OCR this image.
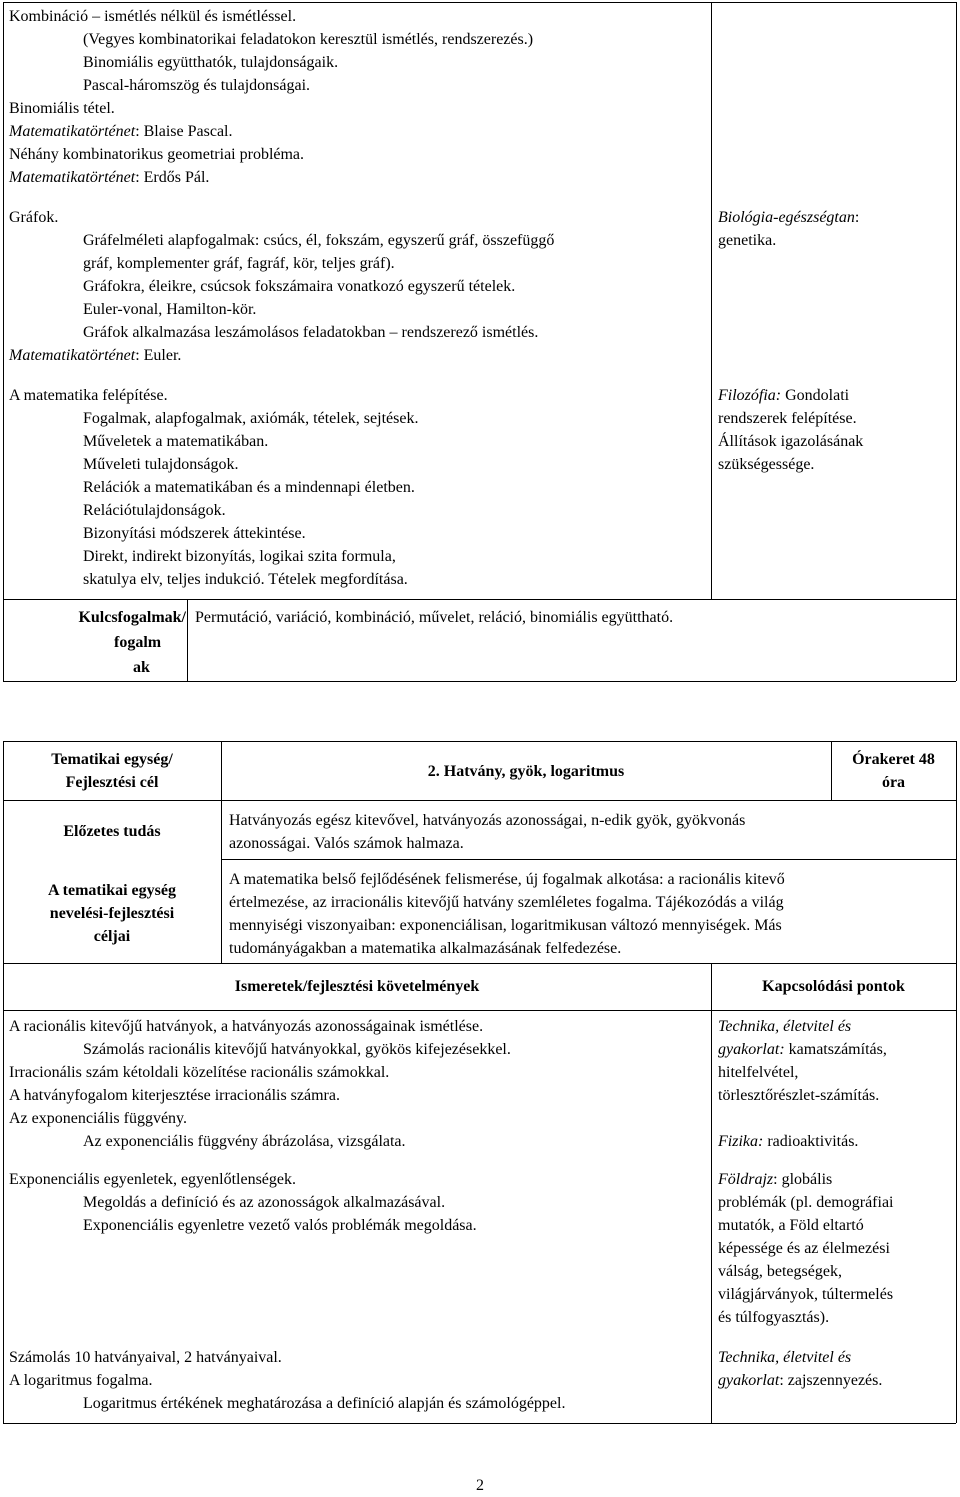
Kombináció – ismétlés nélkül és ismétléssel.
(Vegyes kombinatorikai feladatokon keresztül ismétlés, rendszerezés.)
Binomiális együtthatók, tulajdonságaik.
Pascal-háromszög és tulajdonságai.
Binomiális tétel.
Matematikatörténet: Blaise Pascal.
Néhány kombinatorikus geometriai probléma.
Matematikatörténet: Erdős Pál.
Gráfok.
Gráfelméleti alapfogalmak: csúcs, él, fokszám, egyszerű gráf, összefüggő
gráf, komplementer gráf, fagráf, kör, teljes gráf).
Gráfokra, éleikre, csúcsok fokszámaira vonatkozó egyszerű tételek.
Euler-vonal, Hamilton-kör.
Gráfok alkalmazása leszámolásos feladatokban – rendszerező ismétlés.
Matematikatörténet: Euler.
A matematika felépítése.
Fogalmak, alapfogalmak, axiómák, tételek, sejtések.
Műveletek a matematikában.
Műveleti tulajdonságok.
Relációk a matematikában és a mindennapi életben.
Relációtulajdonságok.
Bizonyítási módszerek áttekintése.
Direkt, indirekt bizonyítás, logikai szita formula,
skatulya elv, teljes indukció. Tételek megfordítása.
Biológia-egészségtan:
genetika.
Filozófia: Gondolati
rendszerek felépítése.
Állítások igazolásának
szükségessége.
Kulcsfogalmak/
fogalm
ak
Permutáció, variáció, kombináció, művelet, reláció, binomiális együttható.
Tematikai egység/
Fejlesztési cél
2. Hatvány, gyök, logaritmus
Órakeret 48
óra
Előzetes tudás
Hatványozás egész kitevővel, hatványozás azonosságai, n-edik gyök, gyökvonás
azonosságai. Valós számok halmaza.
A tematikai egység
nevelési-fejlesztési
céljai
A matematika belső fejlődésének felismerése, új fogalmak alkotása: a racionális kitevő
értelmezése, az irracionális kitevőjű hatvány szemléletes fogalma. Tájékozódás a világ
mennyiségi viszonyaiban: exponenciálisan, logaritmikusan változó mennyiségek. Más
tudományágakban a matematika alkalmazásának felfedezése.
Ismeretek/fejlesztési követelmények	Kapcsolódási pontok
A racionális kitevőjű hatványok, a hatványozás azonosságainak ismétlése.
Számolás racionális kitevőjű hatványokkal, gyökös kifejezésekkel.
Irracionális szám kétoldali közelítése racionális számokkal.
A hatványfogalom kiterjesztése irracionális számra.
Az exponenciális függvény.
Az exponenciális függvény ábrázolása, vizsgálata.
Exponenciális egyenletek, egyenlőtlenségek.
Megoldás a definíció és az azonosságok alkalmazásával.
Exponenciális egyenletre vezető valós problémák megoldása.
Számolás 10 hatványaival, 2 hatványaival.
A logaritmus fogalma.
Logaritmus értékének meghatározása a definíció alapján és számológéppel.
Technika, életvitel és
gyakorlat: kamatszámítás,
hitelfelvétel,
törlesztőrészlet-számítás.
Fizika: radioaktivitás.
Földrajz: globális
problémák (pl. demográfiai
mutatók, a Föld eltartó
képessége és az élelmezési
válság, betegségek,
világjárványok, túltermelés
és túlfogyasztás).
Technika, életvitel és
gyakorlat: zajszennyezés.
2
